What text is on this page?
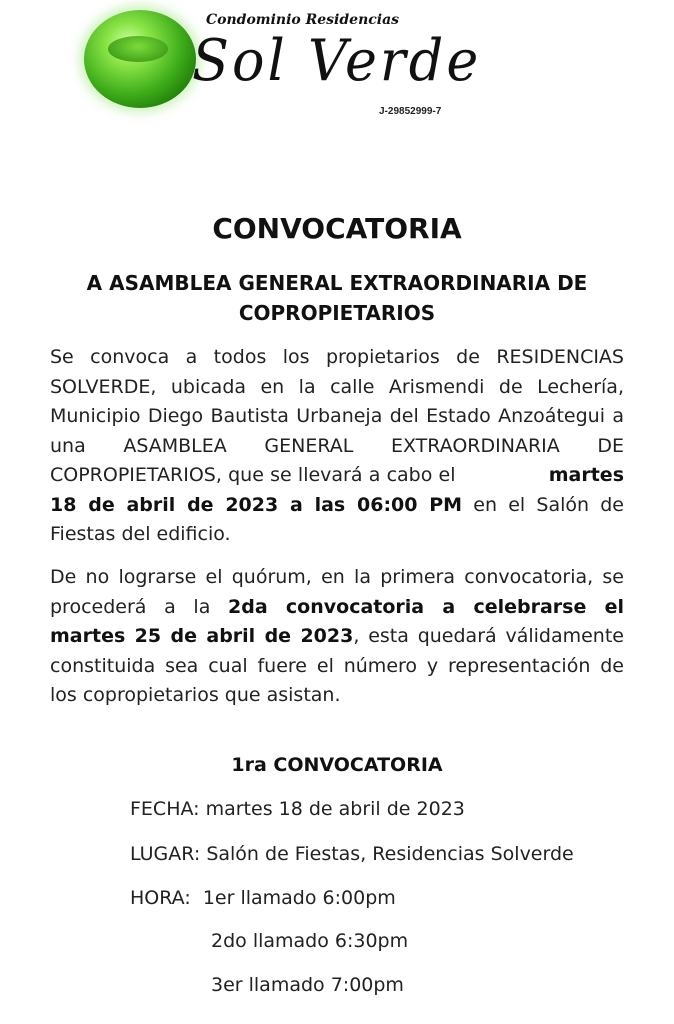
Condominio Residencias
Sol Verde
J-29852999-7
CONVOCATORIA
A ASAMBLEA GENERAL EXTRAORDINARIA DE COPROPIETARIOS
Se convoca a todos los propietarios de RESIDENCIAS SOLVERDE, ubicada en la calle Arismendi de Lechería, Municipio Diego Bautista Urbaneja del Estado Anzoátegui a una ASAMBLEA GENERAL EXTRAORDINARIA DE COPROPIETARIOS, que se llevará a cabo el	martes 18 de abril de 2023 a las 06:00 PM en el Salón de Fiestas del edificio.
De no lograrse el quórum, en la primera convocatoria, se procederá a la 2da convocatoria a celebrarse el martes 25 de abril de 2023, esta quedará válidamente constituida sea cual fuere el número y representación de los copropietarios que asistan.
1ra CONVOCATORIA
FECHA: martes 18 de abril de 2023
LUGAR: Salón de Fiestas, Residencias Solverde
HORA:  1er llamado 6:00pm
2do llamado 6:30pm
3er llamado 7:00pm
